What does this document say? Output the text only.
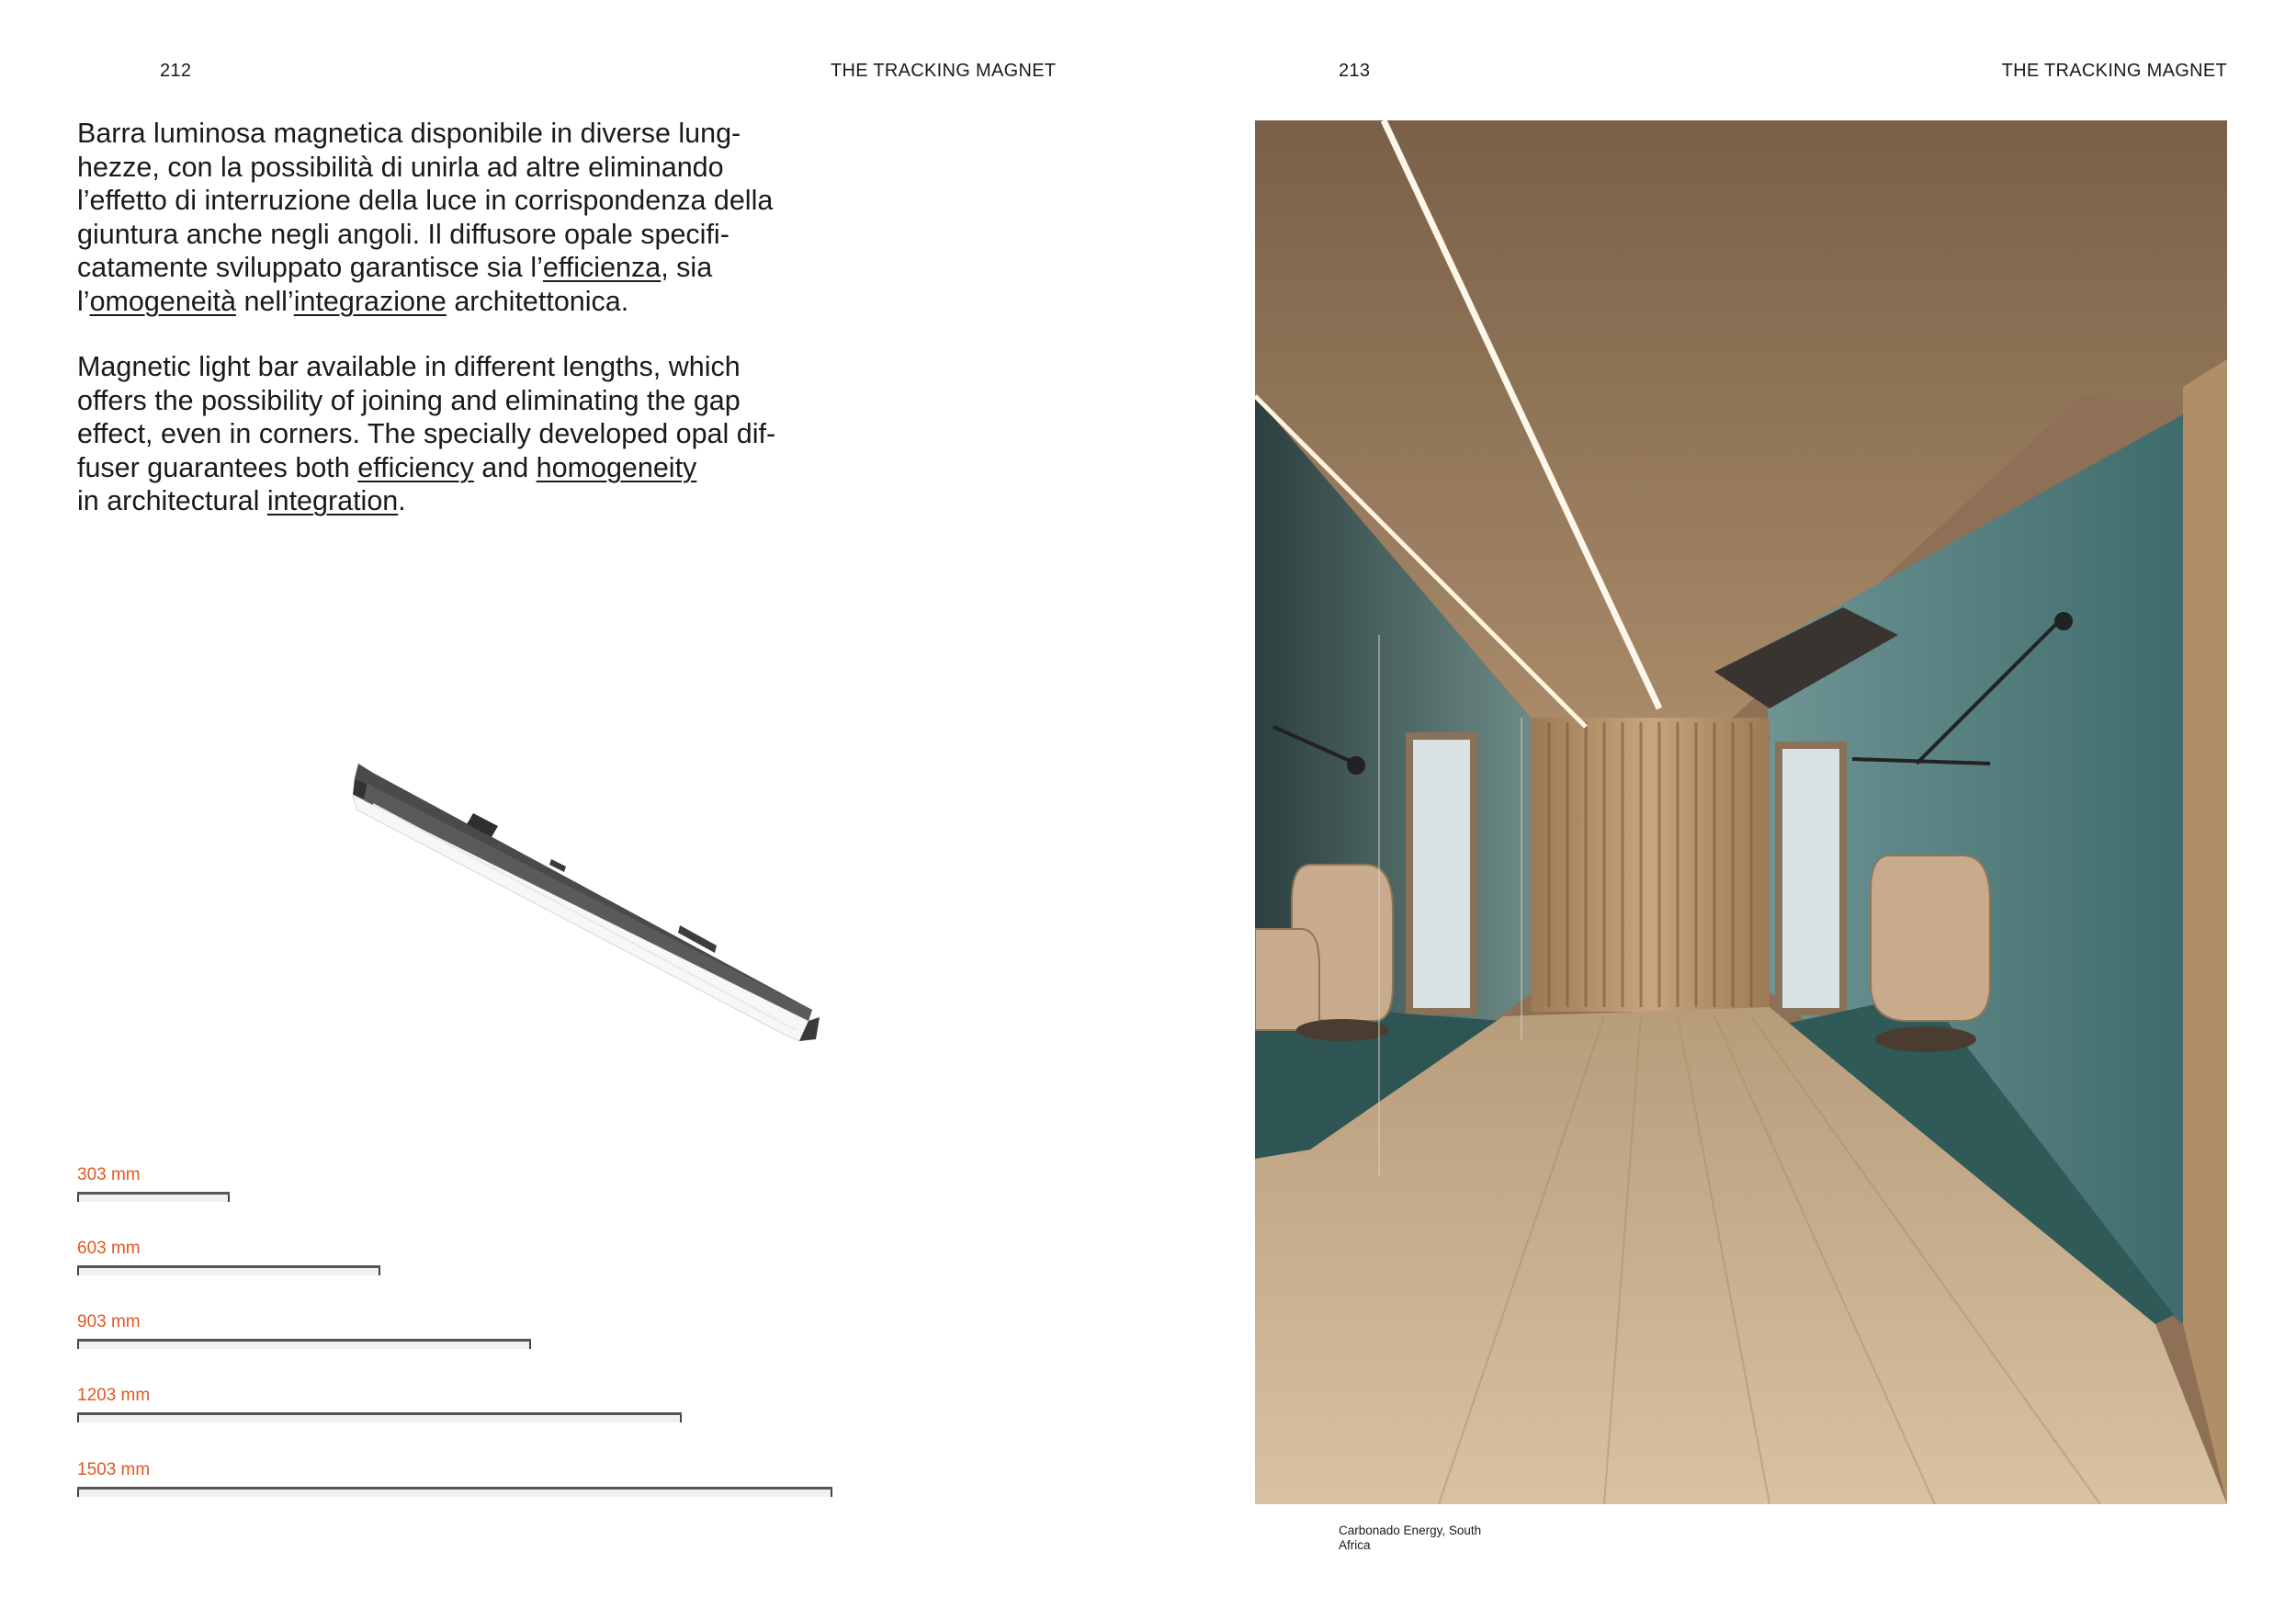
212	THE TRACKING MAGNET	213	THE TRACKING MAGNET
Barra luminosa magnetica disponibile in diverse lung-
hezze, con la possibilità di unirla ad altre eliminando
l’effetto di interruzione della luce in corrispondenza della
giuntura anche negli angoli. Il diffusore opale specifi-
catamente sviluppato garantisce sia l’efficienza, sia
l’omogeneità nell’integrazione architettonica.
Magnetic light bar available in different lengths, which
offers the possibility of joining and eliminating the gap
effect, even in corners. The specially developed opal dif-
fuser guarantees both efficiency and homogeneity
in architectural integration.
303 mm
603 mm
903 mm
1203 mm
1503 mm
Carbonado Energy, South
Africa
